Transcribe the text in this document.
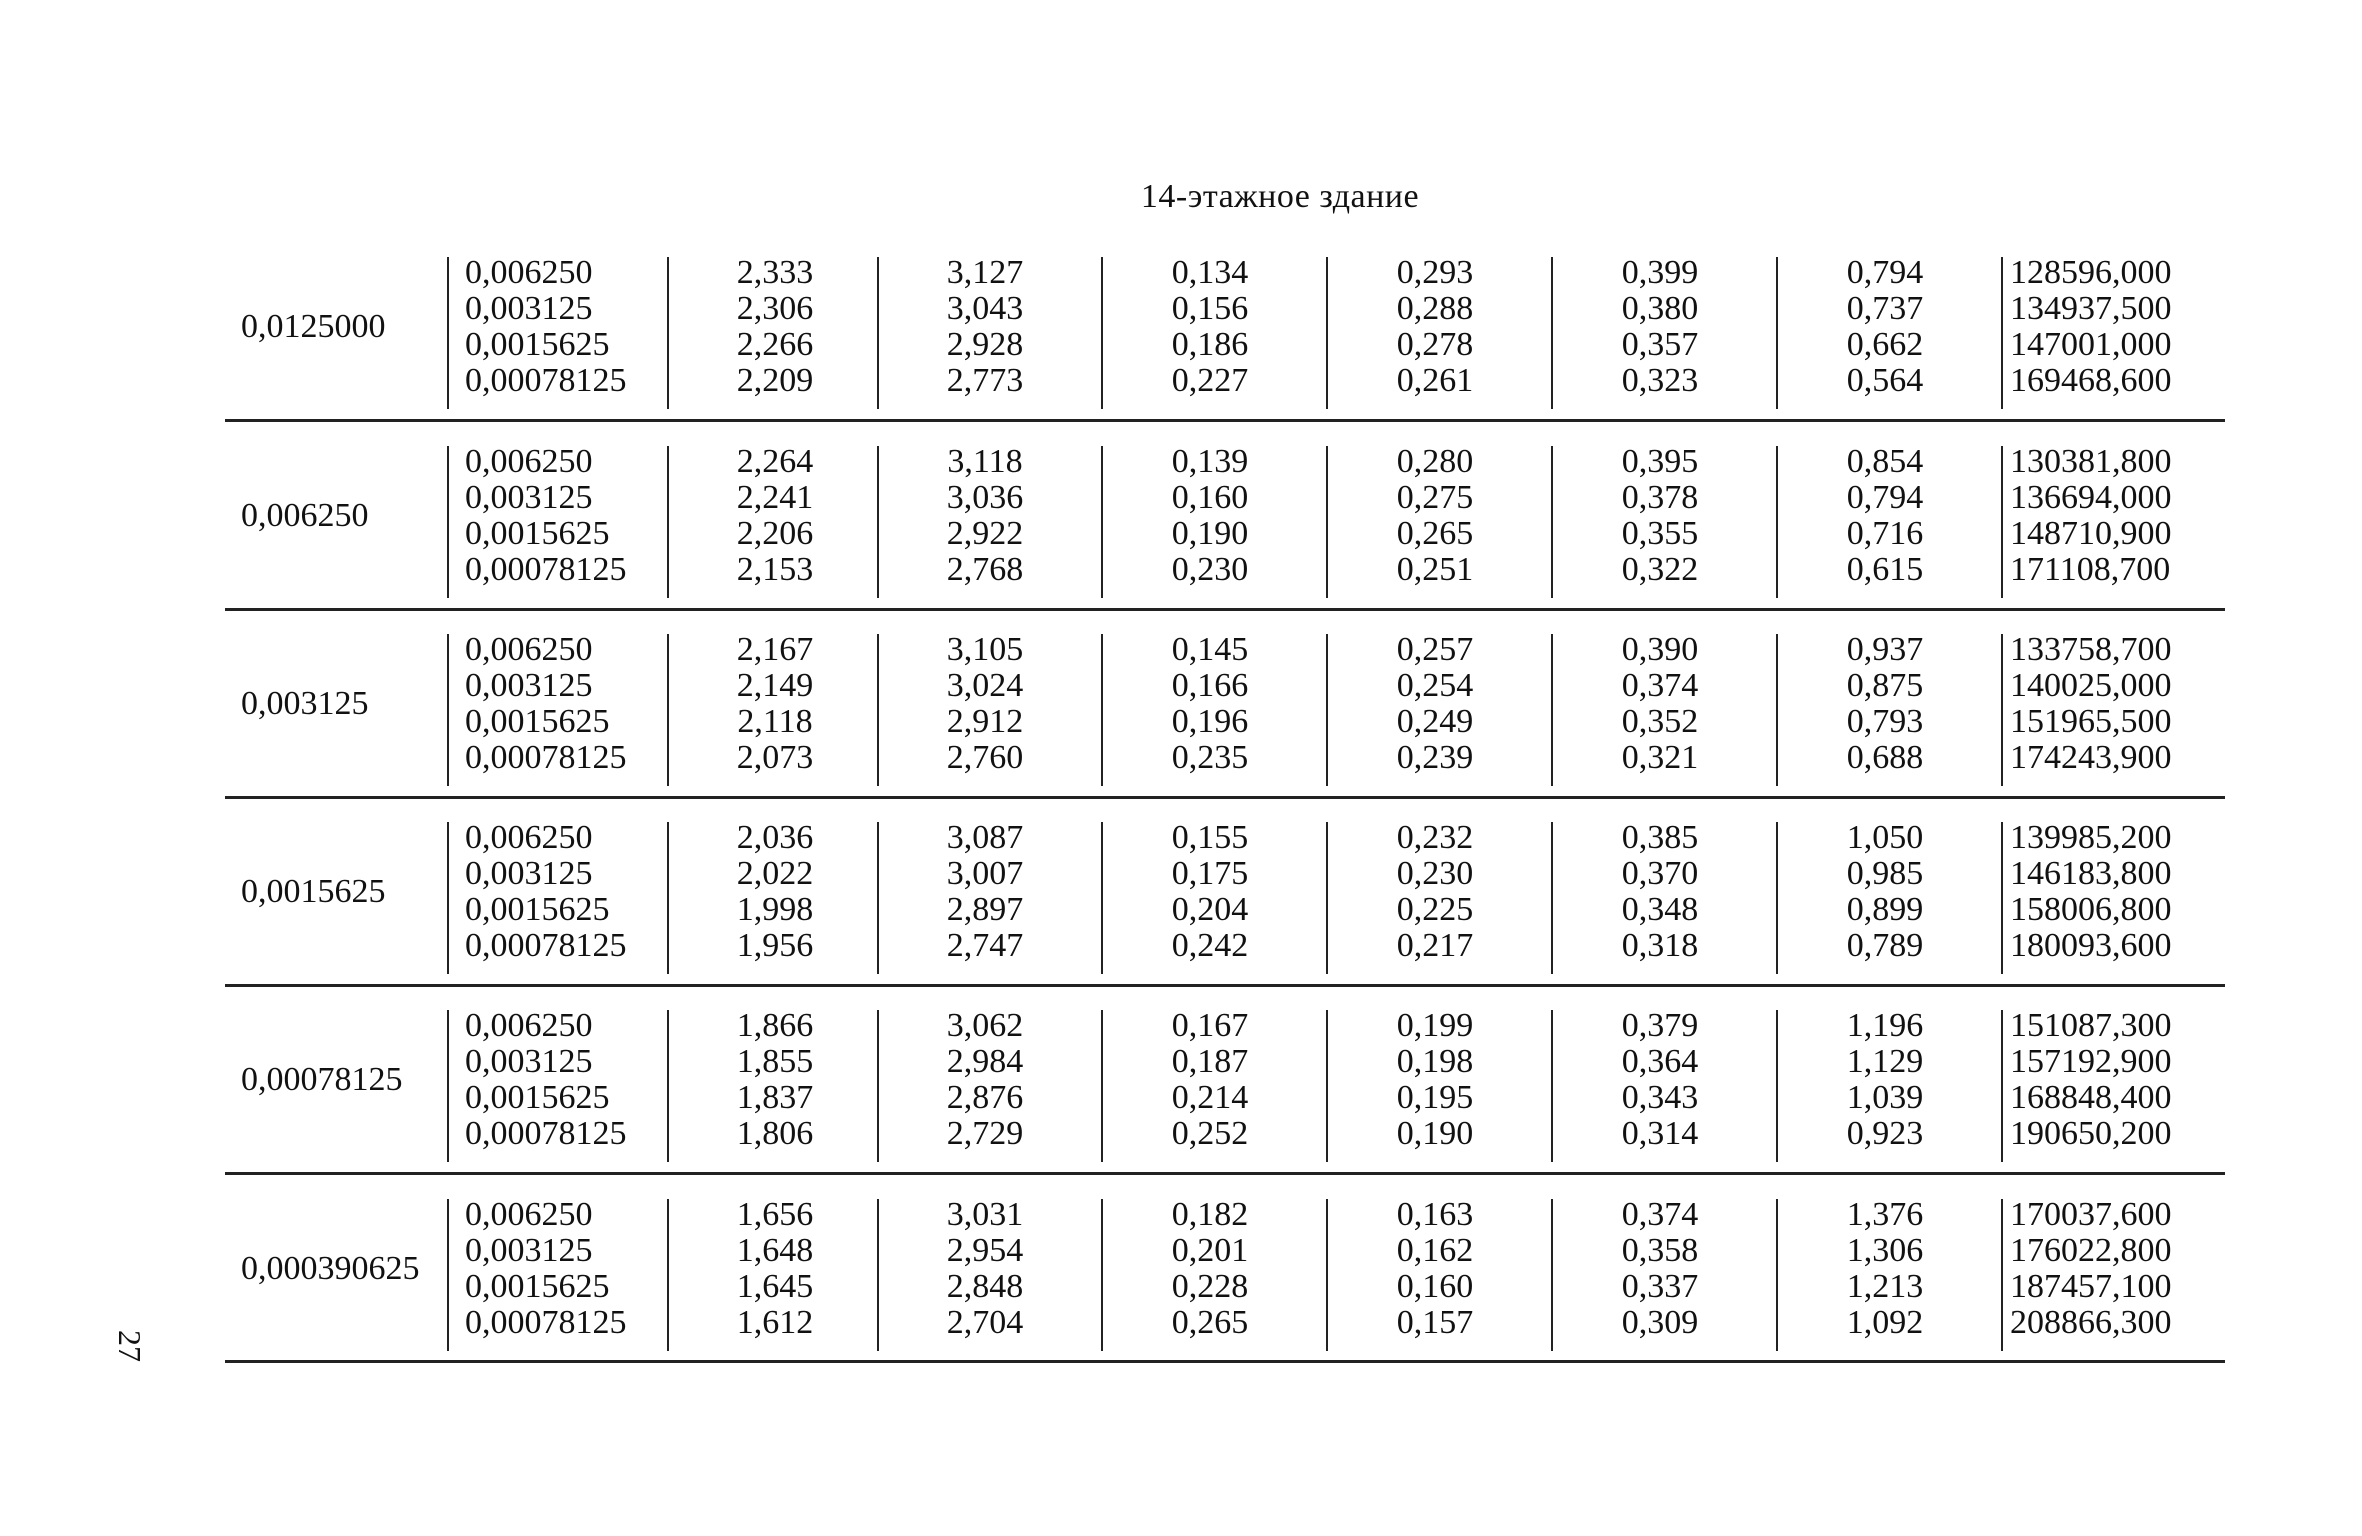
14-этажное здание
27
0,0125000
0,006250
0,003125
0,0015625
0,00078125
2,333
2,306
2,266
2,209
3,127
3,043
2,928
2,773
0,134
0,156
0,186
0,227
0,293
0,288
0,278
0,261
0,399
0,380
0,357
0,323
0,794
0,737
0,662
0,564
128596,000
134937,500
147001,000
169468,600
0,006250
0,006250
0,003125
0,0015625
0,00078125
2,264
2,241
2,206
2,153
3,118
3,036
2,922
2,768
0,139
0,160
0,190
0,230
0,280
0,275
0,265
0,251
0,395
0,378
0,355
0,322
0,854
0,794
0,716
0,615
130381,800
136694,000
148710,900
171108,700
0,003125
0,006250
0,003125
0,0015625
0,00078125
2,167
2,149
2,118
2,073
3,105
3,024
2,912
2,760
0,145
0,166
0,196
0,235
0,257
0,254
0,249
0,239
0,390
0,374
0,352
0,321
0,937
0,875
0,793
0,688
133758,700
140025,000
151965,500
174243,900
0,0015625
0,006250
0,003125
0,0015625
0,00078125
2,036
2,022
1,998
1,956
3,087
3,007
2,897
2,747
0,155
0,175
0,204
0,242
0,232
0,230
0,225
0,217
0,385
0,370
0,348
0,318
1,050
0,985
0,899
0,789
139985,200
146183,800
158006,800
180093,600
0,00078125
0,006250
0,003125
0,0015625
0,00078125
1,866
1,855
1,837
1,806
3,062
2,984
2,876
2,729
0,167
0,187
0,214
0,252
0,199
0,198
0,195
0,190
0,379
0,364
0,343
0,314
1,196
1,129
1,039
0,923
151087,300
157192,900
168848,400
190650,200
0,000390625
0,006250
0,003125
0,0015625
0,00078125
1,656
1,648
1,645
1,612
3,031
2,954
2,848
2,704
0,182
0,201
0,228
0,265
0,163
0,162
0,160
0,157
0,374
0,358
0,337
0,309
1,376
1,306
1,213
1,092
170037,600
176022,800
187457,100
208866,300
